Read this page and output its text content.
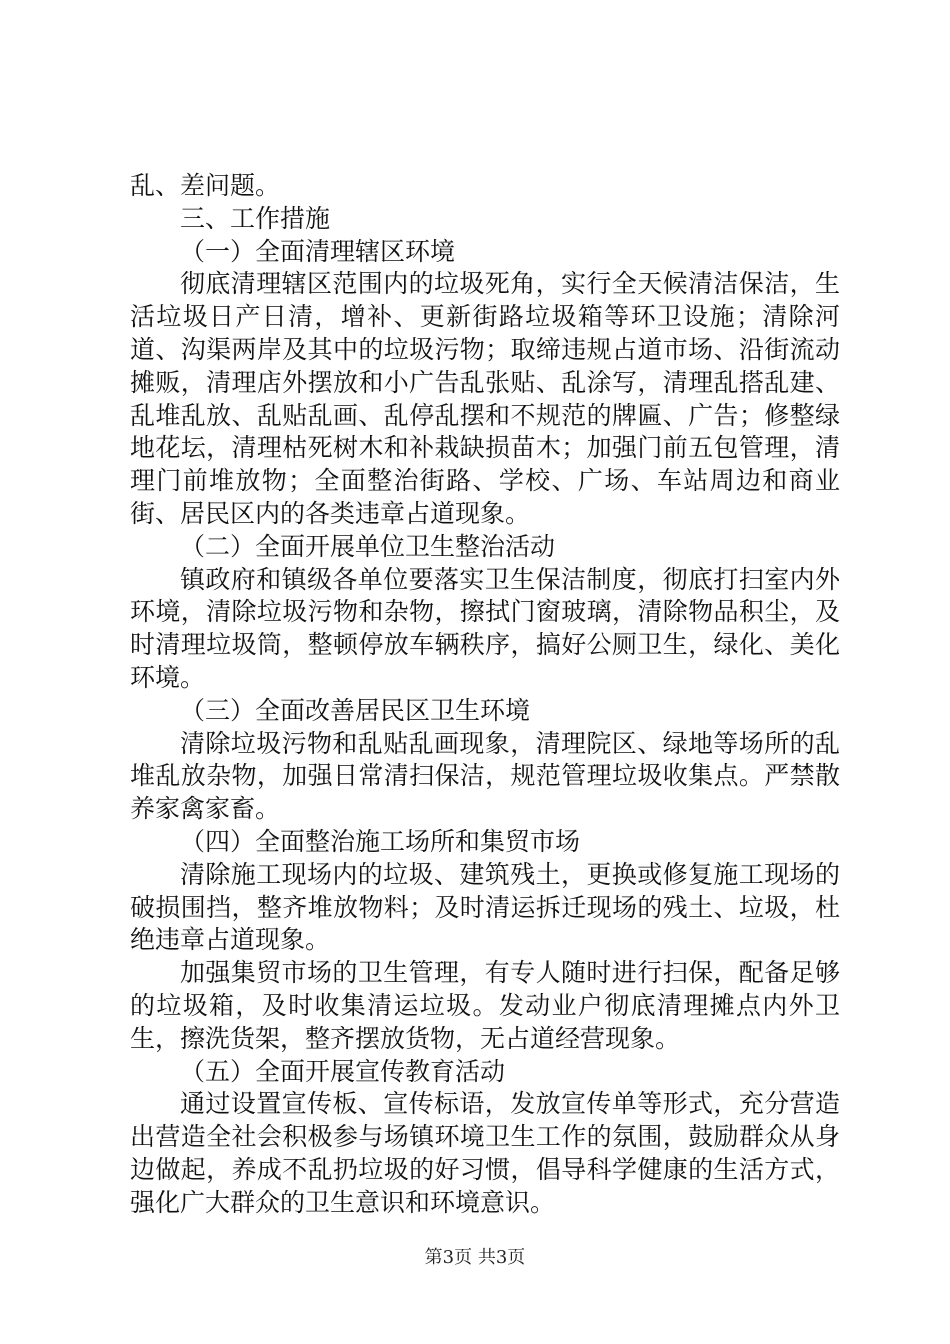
乱、差问题。

三、工作措施

（一）全面清理辖区环境

彻底清理辖区范围内的垃圾死角，实行全天候清洁保洁，生活垃圾日产日清，增补、更新街路垃圾箱等环卫设施；清除河道、沟渠两岸及其中的垃圾污物；取缔违规占道市场、沿街流动摊贩，清理店外摆放和小广告乱张贴、乱涂写，清理乱搭乱建、乱堆乱放、乱贴乱画、乱停乱摆和不规范的牌匾、广告；修整绿地花坛，清理枯死树木和补栽缺损苗木；加强门前五包管理，清理门前堆放物；全面整治街路、学校、广场、车站周边和商业街、居民区内的各类违章占道现象。

（二）全面开展单位卫生整治活动

镇政府和镇级各单位要落实卫生保洁制度，彻底打扫室内外环境，清除垃圾污物和杂物，擦拭门窗玻璃，清除物品积尘，及时清理垃圾筒，整顿停放车辆秩序，搞好公厕卫生，绿化、美化环境。

（三）全面改善居民区卫生环境

清除垃圾污物和乱贴乱画现象，清理院区、绿地等场所的乱堆乱放杂物，加强日常清扫保洁，规范管理垃圾收集点。严禁散养家禽家畜。

（四）全面整治施工场所和集贸市场

清除施工现场内的垃圾、建筑残土，更换或修复施工现场的破损围挡，整齐堆放物料；及时清运拆迁现场的残土、垃圾，杜绝违章占道现象。

加强集贸市场的卫生管理，有专人随时进行扫保，配备足够的垃圾箱，及时收集清运垃圾。发动业户彻底清理摊点内外卫生，擦洗货架，整齐摆放货物，无占道经营现象。

（五）全面开展宣传教育活动

通过设置宣传板、宣传标语，发放宣传单等形式，充分营造出营造全社会积极参与场镇环境卫生工作的氛围，鼓励群众从身边做起，养成不乱扔垃圾的好习惯，倡导科学健康的生活方式，强化广大群众的卫生意识和环境意识。

第3页 共3页
